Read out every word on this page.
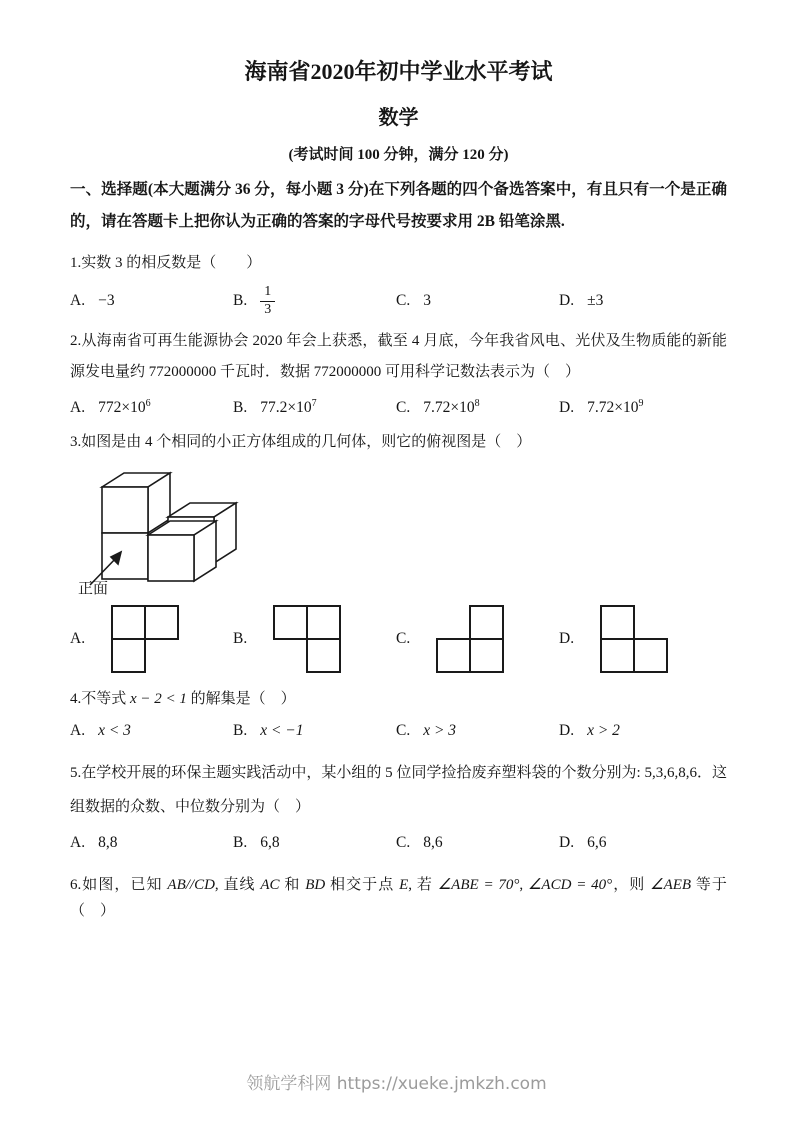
海南省2020年初中学业水平考试
数学
(考试时间 100 分钟，满分 120 分)
一、选择题(本大题满分 36 分，每小题 3 分)在下列各题的四个备选答案中，有且只有一个是正确的，请在答题卡上把你认为正确的答案的字母代号按要求用 2B 铅笔涂黑.
1.实数 3 的相反数是（　　）
A. −3	B. $\frac{1}{3}$	C. 3	D. ±3
2.从海南省可再生能源协会 2020 年会上获悉，截至 4 月底，今年我省风电、光伏及生物质能的新能源发电量约 772000000 千瓦时．数据 772000000 可用科学记数法表示为（　）
A. $772\times 10^6$	B. $77.2\times 10^7$	C. $7.72\times 10^8$	D. $7.72\times 10^9$
3.如图是由 4 个相同的小正方体组成的几何体，则它的俯视图是（　）
正面
A.	B.	C.	D.
4.不等式 x − 2 < 1 的解集是（　）
A. x < 3	B. x < −1	C. x > 3	D. x > 2
5.在学校开展的环保主题实践活动中，某小组的 5 位同学捡拾废弃塑料袋的个数分别为: 5,3,6,8,6．这组数据的众数、中位数分别为（　）
A. 8,8	B. 6,8	C. 8,6	D. 6,6
6.如图，已知 AB//CD, 直线 AC 和 BD 相交于点 E, 若 ∠ABE = 70°, ∠ACD = 40°，则 ∠AEB 等于（　）
领航学科网 https://xueke.jmkzh.com
